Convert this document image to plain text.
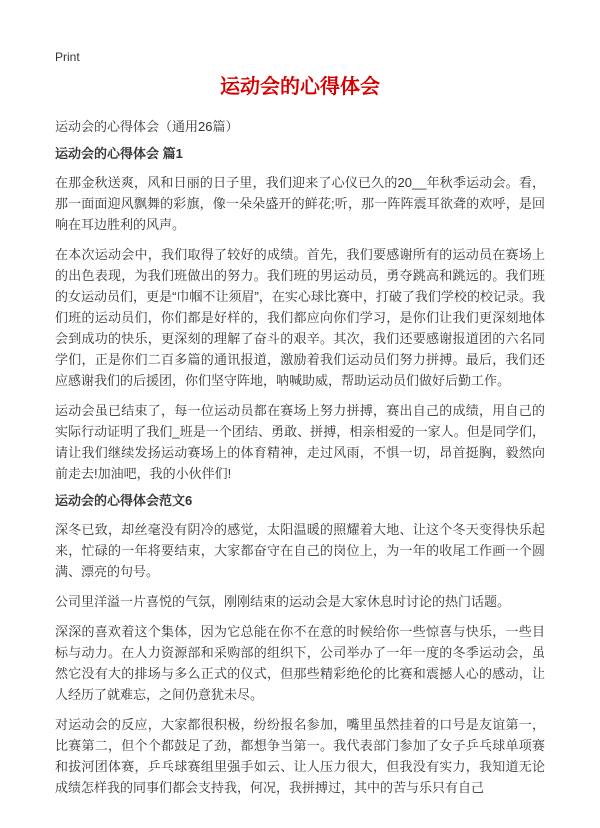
Print
运动会的心得体会
运动会的心得体会（通用26篇）
运动会的心得体会 篇1

在那金秋送爽，风和日丽的日子里，我们迎来了心仪已久的20__年秋季运动会。看，那一面面迎风飘舞的彩旗，像一朵朵盛开的鲜花;听，那一阵阵震耳欲聋的欢呼，是回响在耳边胜利的风声。

在本次运动会中，我们取得了较好的成绩。首先，我们要感谢所有的运动员在赛场上的出色表现，为我们班做出的努力。我们班的男运动员，勇夺跳高和跳远的。我们班的女运动员们，更是“巾帼不让须眉”，在实心球比赛中，打破了我们学校的校记录。我们班的运动员们，你们都是好样的，我们都应向你们学习，是你们让我们更深刻地体会到成功的快乐，更深刻的理解了奋斗的艰辛。其次，我们还要感谢报道团的六名同学们，正是你们二百多篇的通讯报道，激励着我们运动员们努力拼搏。最后，我们还应感谢我们的后援团，你们坚守阵地，呐喊助威，帮助运动员们做好后勤工作。

运动会虽已结束了，每一位运动员都在赛场上努力拼搏，赛出自己的成绩，用自己的实际行动证明了我们_班是一个团结、勇敢、拼搏，相亲相爱的一家人。但是同学们，请让我们继续发扬运动赛场上的体育精神，走过风雨，不惧一切，昂首挺胸，毅然向前走去!加油吧，我的小伙伴们!

运动会的心得体会范文6

深冬已致，却丝毫没有阴冷的感觉，太阳温暖的照耀着大地、让这个冬天变得快乐起来，忙碌的一年将要结束，大家都奋守在自己的岗位上，为一年的收尾工作画一个圆满、漂亮的句号。

公司里洋溢一片喜悦的气氛，刚刚结束的运动会是大家休息时讨论的热门话题。

深深的喜欢着这个集体，因为它总能在你不在意的时候给你一些惊喜与快乐，一些目标与动力。在人力资源部和采购部的组织下，公司举办了一年一度的冬季运动会，虽然它没有大的排场与多么正式的仪式，但那些精彩绝伦的比赛和震撼人心的感动，让人经历了就难忘，之间仍意犹未尽。

对运动会的反应，大家都很积极，纷纷报名参加，嘴里虽然挂着的口号是友谊第一，比赛第二，但个个都鼓足了劲，都想争当第一。我代表部门参加了女子乒乓球单项赛和拔河团体赛，乒乓球赛组里强手如云、让人压力很大，但我没有实力，我知道无论成绩怎样我的同事们都会支持我，何况，我拼搏过，其中的苦与乐只有自己
